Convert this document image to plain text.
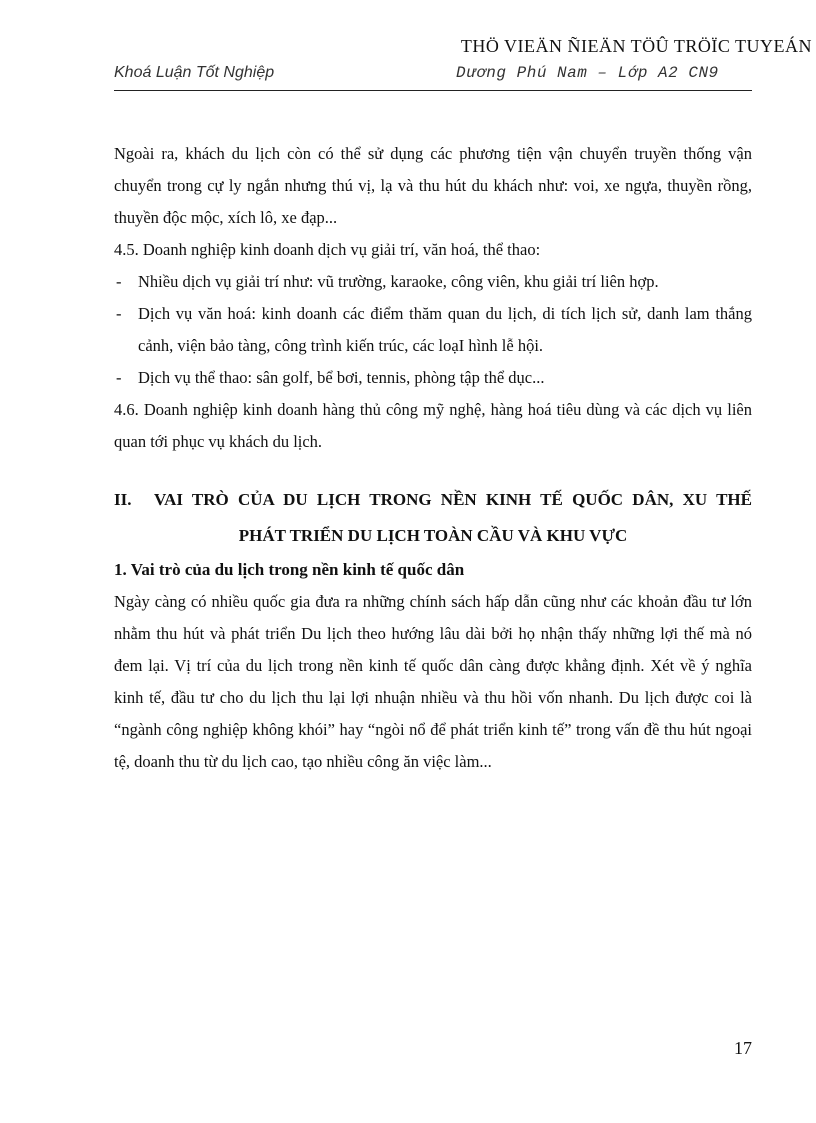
THÖ VIEÄN ÑIEÄN TÖÛ TRÖÏC TUYEÁN
Khoá Luận Tốt Nghiệp	Dương Phú Nam – Lớp A2 CN9

Ngoài ra, khách du lịch còn có thể sử dụng các phương tiện vận chuyển truyền thống vận chuyển trong cự ly ngắn nhưng thú vị, lạ và thu hút du khách như: voi, xe ngựa, thuyền rồng, thuyền độc mộc, xích lô, xe đạp...

4.5. Doanh nghiệp kinh doanh dịch vụ giải trí, văn hoá, thể thao:

- Nhiều dịch vụ giải trí như: vũ trường, karaoke, công viên, khu giải trí liên hợp.

- Dịch vụ văn hoá: kinh doanh các điểm thăm quan du lịch, di tích lịch sử, danh lam thắng cảnh, viện bảo tàng, công trình kiến trúc, các loạI hình lễ hội.

- Dịch vụ thể thao: sân golf, bể bơi, tennis, phòng tập thể dục...

4.6. Doanh nghiệp kinh doanh hàng thủ công mỹ nghệ, hàng hoá tiêu dùng và các dịch vụ liên quan tới phục vụ khách du lịch.

II.	VAI TRÒ CỦA DU LỊCH TRONG NỀN KINH TẾ QUỐC DÂN, XU THẾ
PHÁT TRIỂN DU LỊCH TOÀN CẦU VÀ KHU VỰC

1. Vai trò của du lịch trong nền kinh tế quốc dân

Ngày càng có nhiều quốc gia đưa ra những chính sách hấp dẫn cũng như các khoản đầu tư lớn nhằm thu hút và phát triển Du lịch theo hướng lâu dài bởi họ nhận thấy những lợi thế mà nó đem lại. Vị trí của du lịch trong nền kinh tế quốc dân càng được khẳng định. Xét về ý nghĩa kinh tế, đầu tư cho du lịch thu lại lợi nhuận nhiều và thu hồi vốn nhanh. Du lịch được coi là “ngành công nghiệp không khói” hay “ngòi nổ để phát triển kinh tế” trong vấn đề thu hút ngoại tệ, doanh thu từ du lịch cao, tạo nhiều công ăn việc làm...

17
